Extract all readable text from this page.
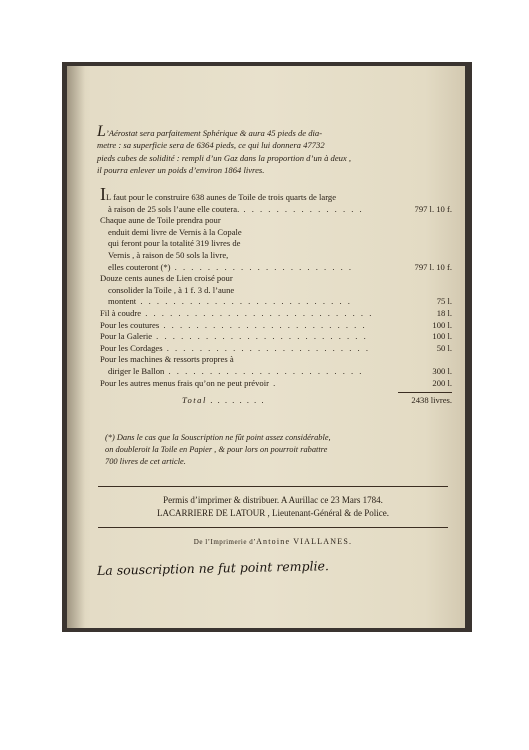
L’Aérostat sera parfaitement Sphérique & aura 45 pieds de dia-

metre : sa superficie sera de 6364 pieds, ce qui lui donnera 47732

pieds cubes de solidité : rempli d’un Gaz dans la proportion d’un à deux ,

il pourra enlever un poids d’environ 1864 livres.

IL faut pour le construire 638 aunes de Toile de trois quarts de large
à raison de 25 sols l’aune elle coutera. . . . . . . . . . . . . . . .	797 l. 10 f.
Chaque aune de Toile prendra pour
enduit demi livre de Vernis à la Copale
qui feront pour la totalité 319 livres de
Vernis , à raison de 50 sols la livre,
elles couteront (*) . . . . . . . . . . . . . . . . . . . . . .	797 l. 10 f.
Douze cents aunes de Lien croisé pour
consolider la Toile , à 1 f. 3 d. l’aune
montent . . . . . . . . . . . . . . . . . . . . . . . . . .	75 l.
Fil à coudre . . . . . . . . . . . . . . . . . . . . . . . . . . . .	18 l.
Pour les coutures . . . . . . . . . . . . . . . . . . . . . . . . .	100 l.
Pour la Galerie . . . . . . . . . . . . . . . . . . . . . . . . . .	100 l.
Pour les Cordages . . . . . . . . . . . . . . . . . . . . . . . . .	50 l.
Pour les machines & ressorts propres à
diriger le Ballon . . . . . . . . . . . . . . . . . . . . . . . .	300 l.
Pour les autres menus frais qu’on ne peut prévoir .	200 l.
Total . . . . . . . .	2438 livres.

(*) Dans le cas que la Souscription ne fût point assez considérable,

on doubleroit la Toile en Papier , & pour lors on pourroit rabattre

700 livres de cet article.

Permis d’imprimer & distribuer. A Aurillac ce 23 Mars 1784.

LACARRIERE DE LATOUR , Lieutenant-Général & de Police.

De l’Imprimerie d’Antoine VIALLANES.
La souscription ne fut point remplie.
